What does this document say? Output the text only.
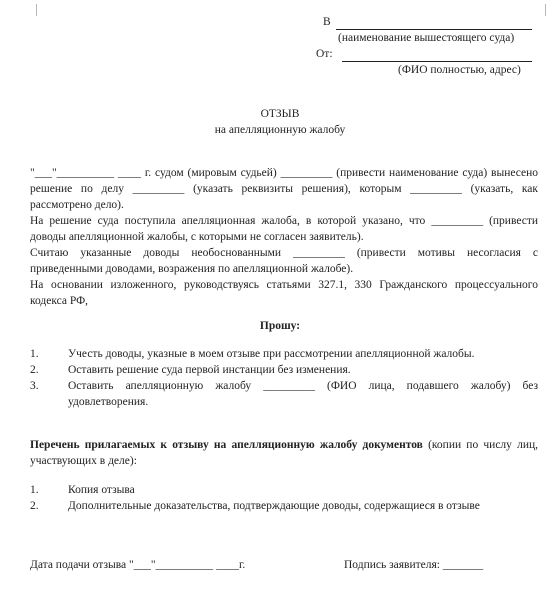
В
(наименование вышестоящего суда)
От:
(ФИО полностью, адрес)
ОТЗЫВ
на апелляционную жалобу

"___"__________ ____ г. судом (мировым судьей) _________ (привести наименование суда) вынесено решение по делу _________ (указать реквизиты решения), которым _________ (указать, как рассмотрено дело).

На решение суда поступила апелляционная жалоба, в которой указано, что _________ (привести доводы апелляционной жалобы, с которыми не согласен заявитель).

Считаю указанные доводы необоснованными _________ (привести мотивы несогласия с приведенными доводами, возражения по апелляционной жалобе).

На основании изложенного, руководствуясь статьями 327.1, 330 Гражданского процессуального кодекса РФ,

Прошу:
1.	Учесть доводы, указные в моем отзыве при рассмотрении апелляционной жалобы.
2.	Оставить решение суда первой инстанции без изменения.
3.	Оставить апелляционную жалобу _________ (ФИО лица, подавшего жалобу) без удовлетворения.
Перечень прилагаемых к отзыву на апелляционную жалобу документов (копии по числу лиц, участвующих в деле):
1.	Копия отзыва
2.	Дополнительные доказательства, подтверждающие доводы, содержащиеся в отзыве
Дата подачи отзыва "___"__________ ____г.	Подпись заявителя: _______
